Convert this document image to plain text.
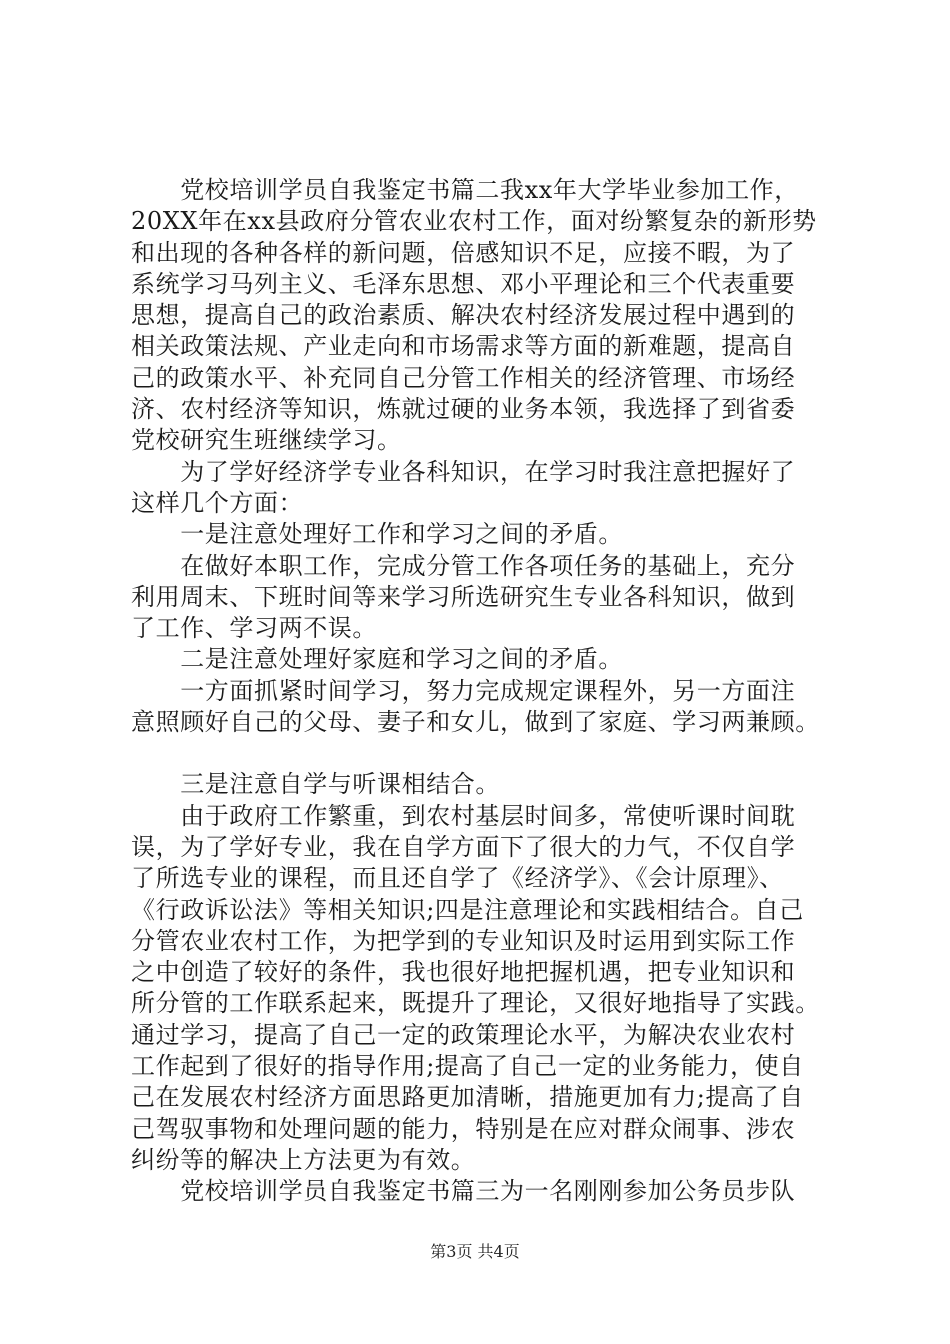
　　党校培训学员自我鉴定书篇二我xx年大学毕业参加工作，
20XX年在xx县政府分管农业农村工作，面对纷繁复杂的新形势
和出现的各种各样的新问题，倍感知识不足，应接不暇，为了
系统学习马列主义、毛泽东思想、邓小平理论和三个代表重要
思想，提高自己的政治素质、解决农村经济发展过程中遇到的
相关政策法规、产业走向和市场需求等方面的新难题，提高自
己的政策水平、补充同自己分管工作相关的经济管理、市场经
济、农村经济等知识，炼就过硬的业务本领，我选择了到省委
党校研究生班继续学习。
　　为了学好经济学专业各科知识，在学习时我注意把握好了
这样几个方面：
　　一是注意处理好工作和学习之间的矛盾。
　　在做好本职工作，完成分管工作各项任务的基础上，充分
利用周末、下班时间等来学习所选研究生专业各科知识，做到
了工作、学习两不误。
　　二是注意处理好家庭和学习之间的矛盾。
　　一方面抓紧时间学习，努力完成规定课程外，另一方面注
意照顾好自己的父母、妻子和女儿，做到了家庭、学习两兼顾。
　　三是注意自学与听课相结合。
　　由于政府工作繁重，到农村基层时间多，常使听课时间耽
误，为了学好专业，我在自学方面下了很大的力气，不仅自学
了所选专业的课程，而且还自学了《经济学》、《会计原理》、
《行政诉讼法》等相关知识;四是注意理论和实践相结合。自己
分管农业农村工作，为把学到的专业知识及时运用到实际工作
之中创造了较好的条件，我也很好地把握机遇，把专业知识和
所分管的工作联系起来，既提升了理论，又很好地指导了实践。
通过学习，提高了自己一定的政策理论水平，为解决农业农村
工作起到了很好的指导作用;提高了自己一定的业务能力，使自
己在发展农村经济方面思路更加清晰，措施更加有力;提高了自
己驾驭事物和处理问题的能力，特别是在应对群众闹事、涉农
纠纷等的解决上方法更为有效。
　　党校培训学员自我鉴定书篇三为一名刚刚参加公务员步队
第3页 共4页
